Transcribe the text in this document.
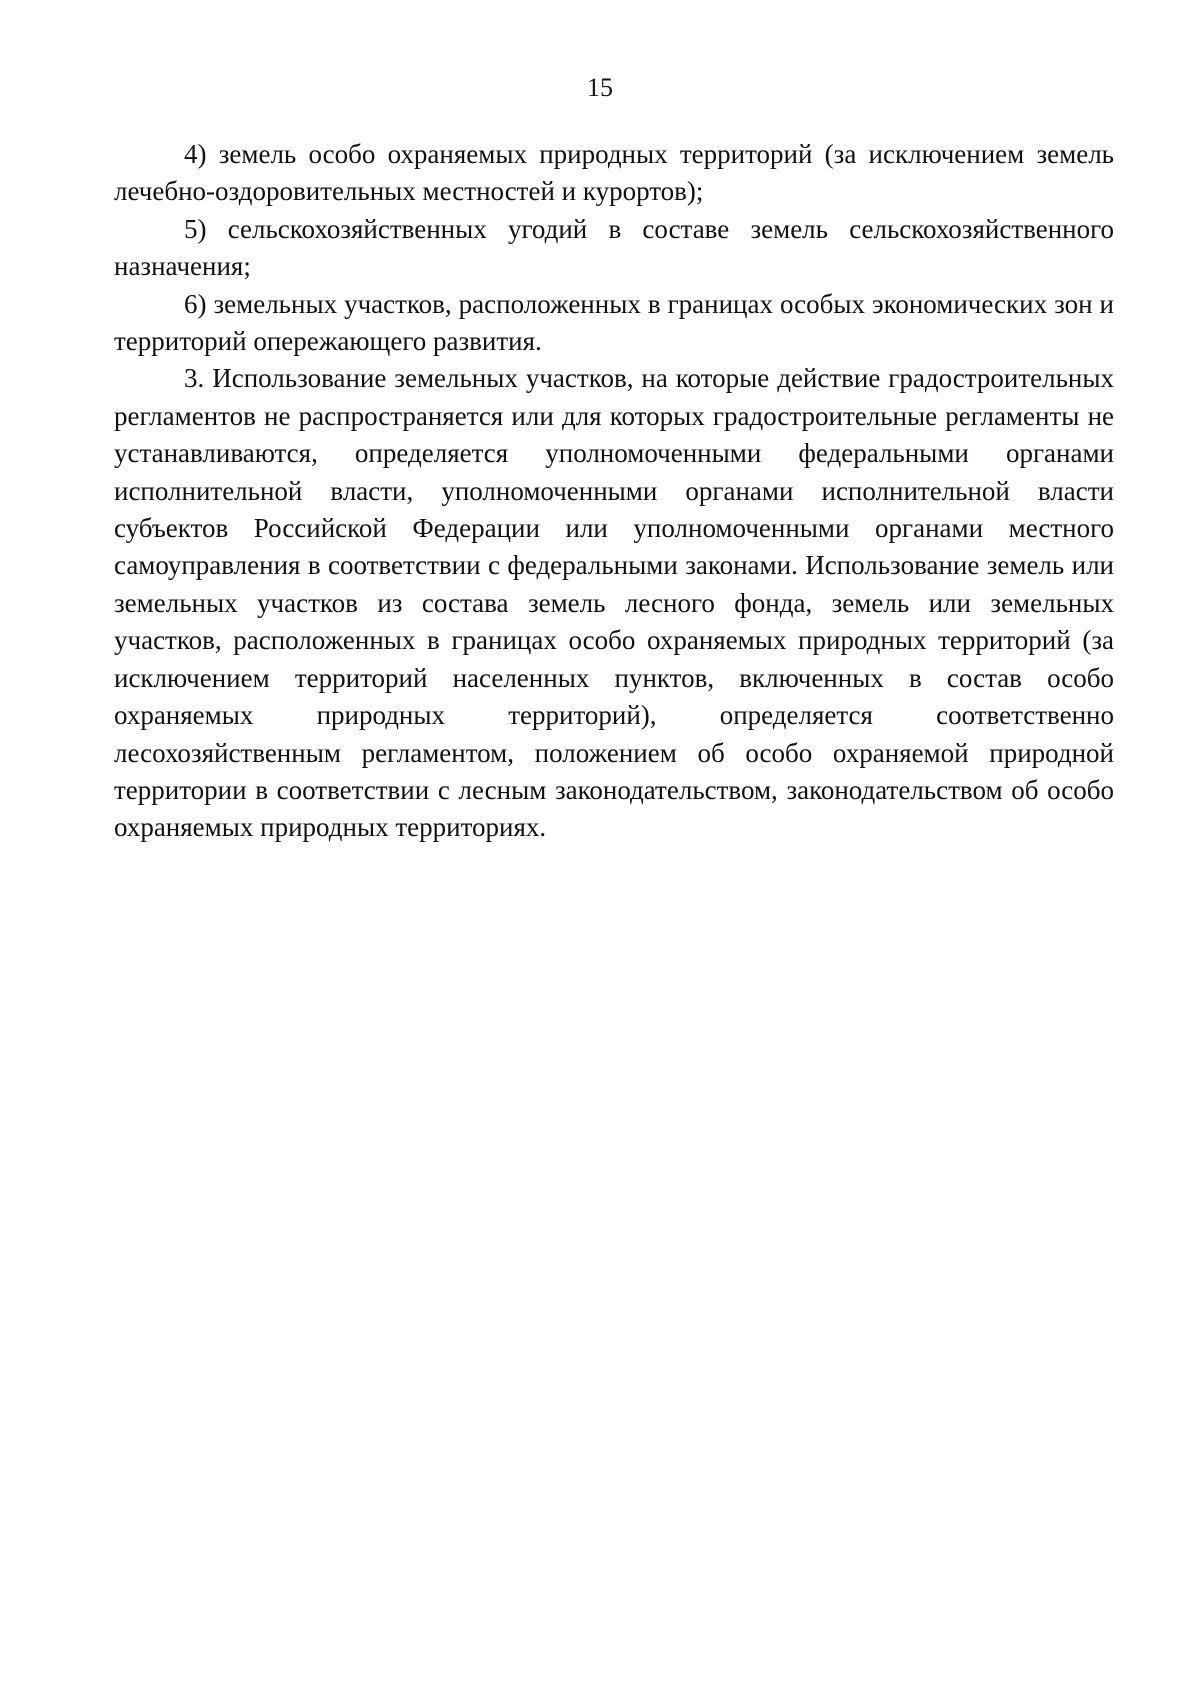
15

4) земель особо охраняемых природных территорий (за исключением земель лечебно-оздоровительных местностей и курортов);

5) сельскохозяйственных угодий в составе земель сельскохозяйственного назначения;

6) земельных участков, расположенных в границах особых экономических зон и территорий опережающего развития.

3. Использование земельных участков, на которые действие градостроительных регламентов не распространяется или для которых градостроительные регламенты не устанавливаются, определяется уполномоченными федеральными органами исполнительной власти, уполномоченными органами исполнительной власти субъектов Российской Федерации или уполномоченными органами местного самоуправления в соответствии с федеральными законами. Использование земель или земельных участков из состава земель лесного фонда, земель или земельных участков, расположенных в границах особо охраняемых природных территорий (за исключением территорий населенных пунктов, включенных в состав особо охраняемых природных территорий), определяется соответственно лесохозяйственным регламентом, положением об особо охраняемой природной территории в соответствии с лесным законодательством, законодательством об особо охраняемых природных территориях.
